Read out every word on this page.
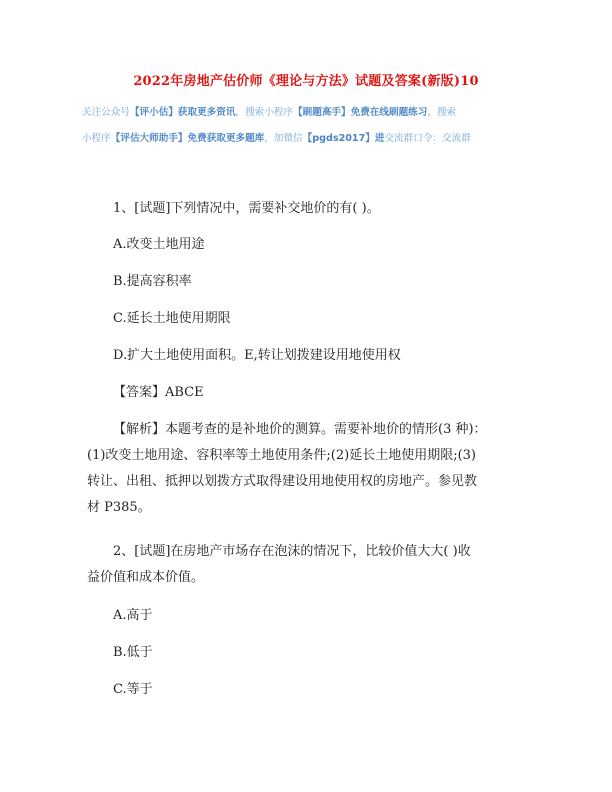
2022年房地产估价师《理论与方法》试题及答案(新版)10
关注公众号【评小估】获取更多资讯，搜索小程序【刷题高手】免费在线刷题练习，搜索
小程序【评估大师助手】免费获取更多题库，加微信【pgds2017】进交流群口令：交流群
1、[试题]下列情况中，需要补交地价的有( )。
A.改变土地用途
B.提高容积率
C.延长土地使用期限
D.扩大土地使用面积。E,转让划拨建设用地使用权
【答案】ABCE
【解析】本题考查的是补地价的测算。需要补地价的情形(3 种)：
(1)改变土地用途、容积率等土地使用条件;(2)延长土地使用期限;(3)
转让、出租、抵押以划拨方式取得建设用地使用权的房地产。参见教
材 P385。
2、[试题]在房地产市场存在泡沫的情况下，比较价值大大( )收
益价值和成本价值。
A.高于
B.低于
C.等于
